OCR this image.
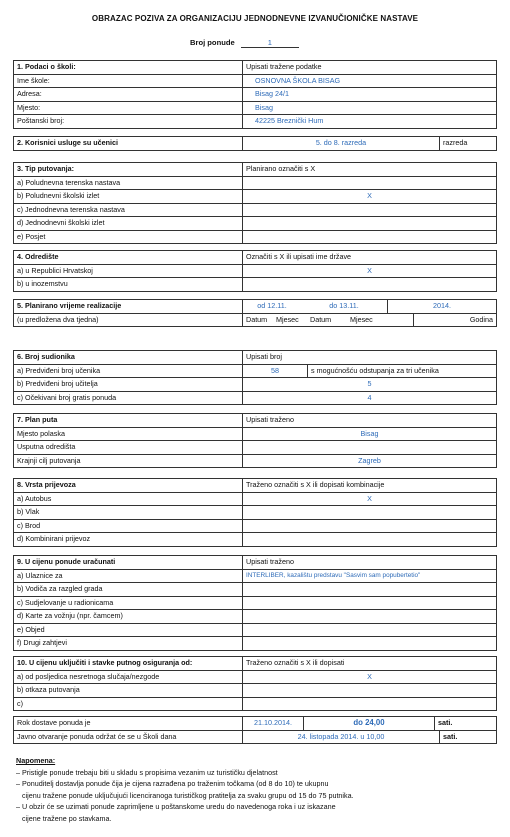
OBRAZAC POZIVA ZA ORGANIZACIJU JEDNODNEVNE IZVANUČIONIČKE NASTAVE
Broj ponude	1
1. Podaci o školi:	Upisati tražene podatke
Ime škole:	OSNOVNA ŠKOLA BISAG
Adresa:	Bisag 24/1
Mjesto:	Bisag
Poštanski broj:	42225 Breznički Hum
2. Korisnici usluge su učenici	5. do 8. razreda	razreda
3. Tip putovanja:	Planirano označiti s X
a) Poludnevna terenska nastava
b) Poludnevni školski izlet	X
c) Jednodnevna terenska nastava
d) Jednodnevni školski izlet
e) Posjet
4. Odredište	Označiti s X ili upisati ime države
a) u Republici Hrvatskoj	X
b) u inozemstvu
5. Planirano vrijeme realizacije	od 12.11.	do 13.11.	2014.
(u predložena dva tjedna)	Datum	Mjesec	Datum	Mjesec	Godina
6. Broj sudionika	Upisati broj
a) Predviđeni broj učenika	58	s mogućnošću odstupanja za tri učenika
b) Predviđeni broj učitelja	5
c) Očekivani broj gratis ponuda	4
7. Plan puta	Upisati traženo
Mjesto polaska	Bisag
Usputna odredišta
Krajnji cilj putovanja	Zagreb
8. Vrsta prijevoza	Traženo označiti s X ili dopisati kombinacije
a) Autobus	X
b) Vlak
c) Brod
d) Kombinirani prijevoz
9. U cijenu ponude uračunati	Upisati traženo
a) Ulaznice za	INTERLIBER, kazalištu predstavu "Sasvim sam popubertetio"
b) Vodiča za razgled grada
c) Sudjelovanje u radionicama
d) Karte za vožnju (npr. čamcem)
e) Objed
f) Drugi zahtjevi
10. U cijenu uključiti i stavke putnog osiguranja od:	Traženo označiti s X ili dopisati
a) od posljedica nesretnoga slučaja/nezgode	X
b) otkaza putovanja
c)
Rok dostave ponuda je	21.10.2014.	do 24,00	sati.
Javno otvaranje ponuda održat će se u Školi dana	24. listopada 2014. u 10,00	sati.
Napomena:
– Pristigle ponude trebaju biti u skladu s propisima vezanim uz turističku djelatnost
– Ponuditelj dostavlja ponude čija je cijena razrađena po traženim točkama (od 8 do 10) te ukupnu
cijenu tražene ponude uključujući licenciranoga turističkog pratitelja za svaku grupu od 15 do 75 putnika.
– U obzir će se uzimati ponude zaprimljene u poštanskome uredu do navedenoga roka i uz iskazane
cijene tražene po stavkama.
